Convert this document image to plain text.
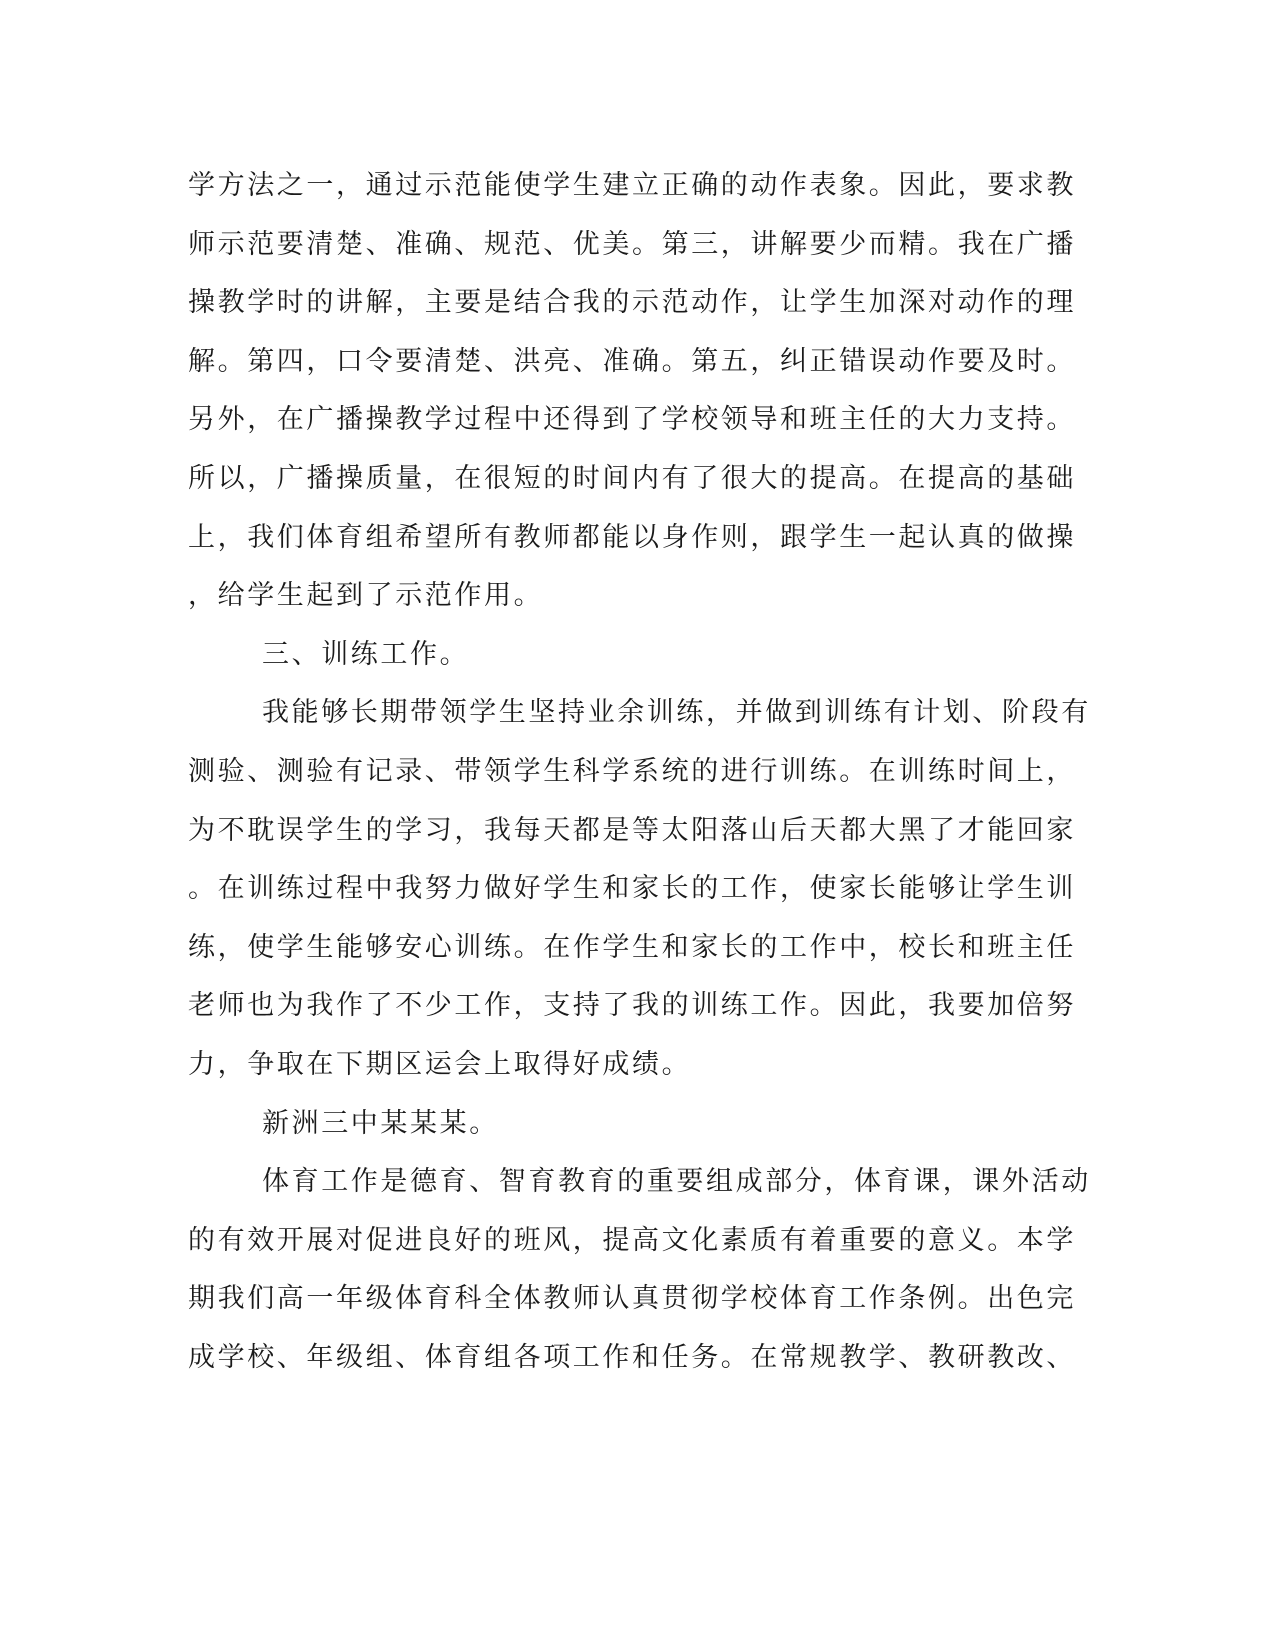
学方法之一，通过示范能使学生建立正确的动作表象。因此，要求教
师示范要清楚、准确、规范、优美。第三，讲解要少而精。我在广播
操教学时的讲解，主要是结合我的示范动作，让学生加深对动作的理
解。第四，口令要清楚、洪亮、准确。第五，纠正错误动作要及时。
另外，在广播操教学过程中还得到了学校领导和班主任的大力支持。
所以，广播操质量，在很短的时间内有了很大的提高。在提高的基础
上，我们体育组希望所有教师都能以身作则，跟学生一起认真的做操
，给学生起到了示范作用。
三、训练工作。
我能够长期带领学生坚持业余训练，并做到训练有计划、阶段有
测验、测验有记录、带领学生科学系统的进行训练。在训练时间上，
为不耽误学生的学习，我每天都是等太阳落山后天都大黑了才能回家
。在训练过程中我努力做好学生和家长的工作，使家长能够让学生训
练，使学生能够安心训练。在作学生和家长的工作中，校长和班主任
老师也为我作了不少工作，支持了我的训练工作。因此，我要加倍努
力，争取在下期区运会上取得好成绩。
新洲三中某某某。
体育工作是德育、智育教育的重要组成部分，体育课，课外活动
的有效开展对促进良好的班风，提高文化素质有着重要的意义。本学
期我们高一年级体育科全体教师认真贯彻学校体育工作条例。出色完
成学校、年级组、体育组各项工作和任务。在常规教学、教研教改、
